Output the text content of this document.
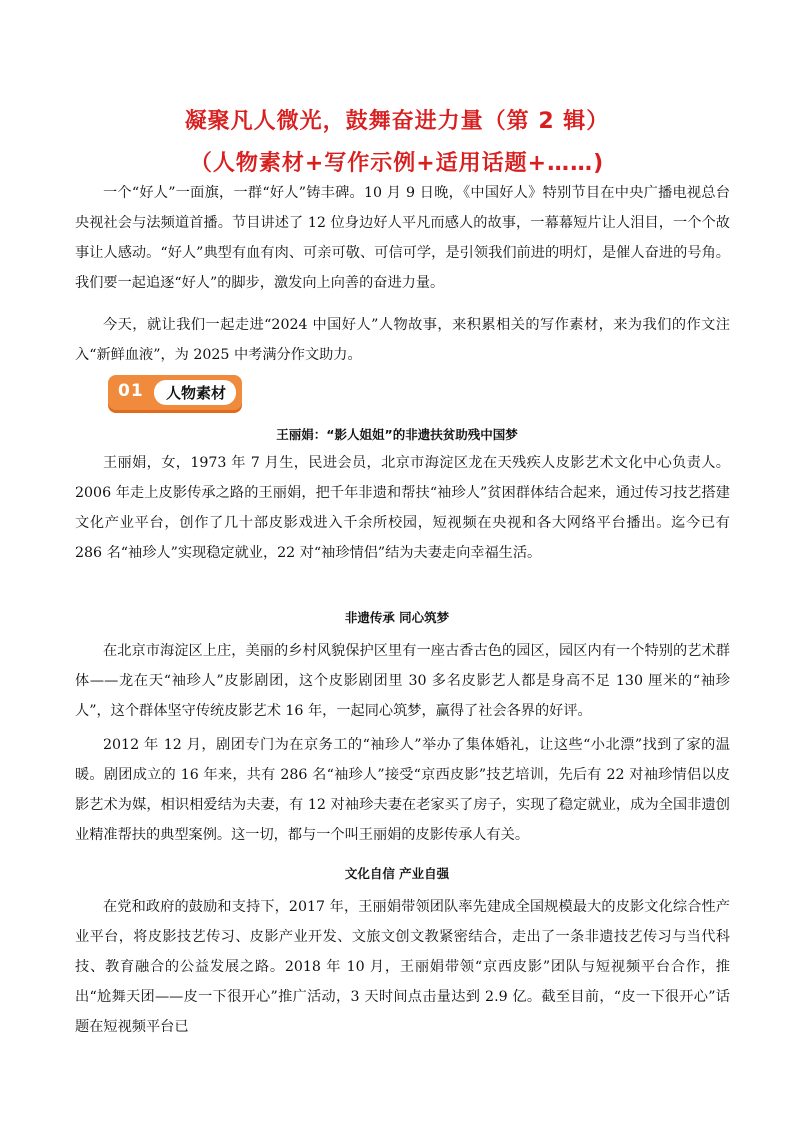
凝聚凡人微光，鼓舞奋进力量（第 2 辑）
（人物素材+写作示例+适用话题+……)

一个“好人”一面旗，一群“好人”铸丰碑。10 月 9 日晚，《中国好人》特别节目在中央广播电视总台央视社会与法频道首播。节目讲述了 12 位身边好人平凡而感人的故事，一幕幕短片让人泪目，一个个故事让人感动。“好人”典型有血有肉、可亲可敬、可信可学，是引领我们前进的明灯，是催人奋进的号角。我们要一起追逐“好人”的脚步，激发向上向善的奋进力量。

今天，就让我们一起走进“2024 中国好人”人物故事，来积累相关的写作素材，来为我们的作文注入“新鲜血液”，为 2025 中考满分作文助力。

01 人物素材
王丽娟：“影人姐姐”的非遗扶贫助残中国梦

王丽娟，女，1973 年 7 月生，民进会员，北京市海淀区龙在天残疾人皮影艺术文化中心负责人。2006 年走上皮影传承之路的王丽娟，把千年非遗和帮扶“袖珍人”贫困群体结合起来，通过传习技艺搭建文化产业平台，创作了几十部皮影戏进入千余所校园，短视频在央视和各大网络平台播出。迄今已有 286 名“袖珍人”实现稳定就业，22 对“袖珍情侣”结为夫妻走向幸福生活。

非遗传承 同心筑梦

在北京市海淀区上庄，美丽的乡村风貌保护区里有一座古香古色的园区，园区内有一个特别的艺术群体——龙在天“袖珍人”皮影剧团，这个皮影剧团里 30 多名皮影艺人都是身高不足 130 厘米的“袖珍人”，这个群体坚守传统皮影艺术 16 年，一起同心筑梦，赢得了社会各界的好评。

2012 年 12 月，剧团专门为在京务工的“袖珍人”举办了集体婚礼，让这些“小北漂”找到了家的温暖。剧团成立的 16 年来，共有 286 名“袖珍人”接受“京西皮影”技艺培训，先后有 22 对袖珍情侣以皮影艺术为媒，相识相爱结为夫妻，有 12 对袖珍夫妻在老家买了房子，实现了稳定就业，成为全国非遗创业精准帮扶的典型案例。这一切，都与一个叫王丽娟的皮影传承人有关。

文化自信 产业自强

在党和政府的鼓励和支持下，2017 年，王丽娟带领团队率先建成全国规模最大的皮影文化综合性产业平台，将皮影技艺传习、皮影产业开发、文旅文创文教紧密结合，走出了一条非遗技艺传习与当代科技、教育融合的公益发展之路。2018 年 10 月，王丽娟带领“京西皮影”团队与短视频平台合作，推出“尬舞天团——皮一下很开心”推广活动，3 天时间点击量达到 2.9 亿。截至目前，“皮一下很开心”话题在短视频平台已
